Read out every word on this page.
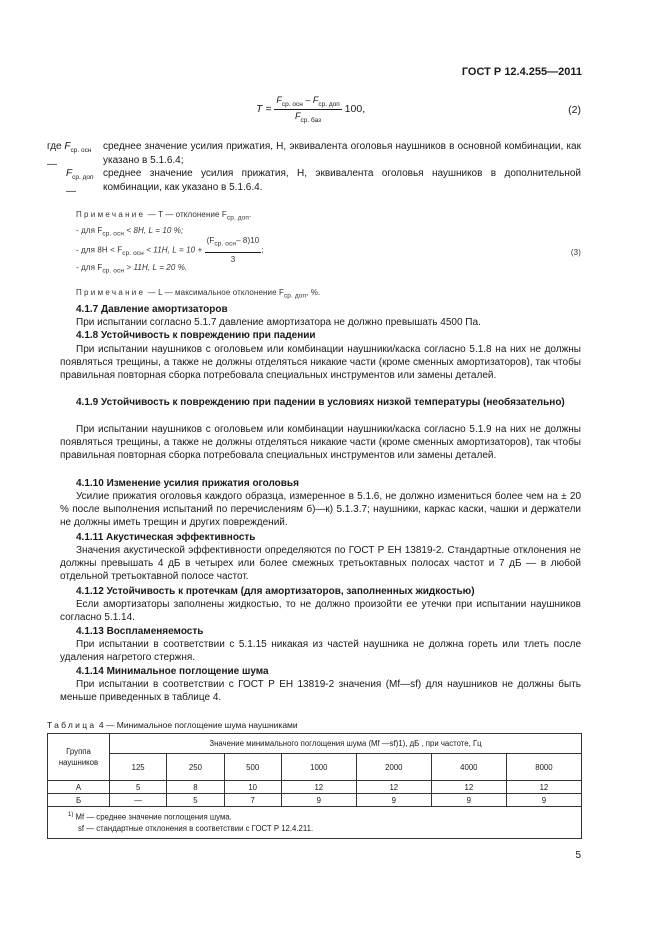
ГОСТ Р 12.4.255—2011
$T = \frac{F_{ср. осн} - F_{ср. доп}}{F_{ср. баз}} 100$,	(2)
где $F_{ср. осн}$ —
среднее значение усилия прижатия, Н, эквивалента оголовья наушников в основной комбинации, как указано в 5.1.6.4;
$F_{ср. доп}$ —
среднее значение усилия прижатия, Н, эквивалента оголовья наушников в дополнительной комбинации, как указано в 5.1.6.4.
Примечание — T — отклонение $F_{ср. доп}$.
- для $F_{ср. осн} < 8H$, L = 10 %;
- для $8H < F_{ср. осн} < 11H$, $L = 10 + \frac{(F_{ср. осн}- 8)10}{3}$ ;
- для $F_{ср. осн} > 11H$, L = 20 %.
(3)
Примечание — L — максимальное отклонение $F_{ср. доп}$, %.
4.1.7 Давление амортизаторов
При испытании согласно 5.1.7 давление амортизатора не должно превышать 4500 Па.
4.1.8 Устойчивость к повреждению при падении
При испытании наушников с оголовьем или комбинации наушники/каска согласно 5.1.8 на них не должны появляться трещины, а также не должны отделяться никакие части (кроме сменных амортизаторов), так чтобы правильная повторная сборка потребовала специальных инструментов или замены деталей.
4.1.9 Устойчивость к повреждению при падении в условиях низкой температуры (необязательно)
При испытании наушников с оголовьем или комбинации наушники/каска согласно 5.1.9 на них не должны появляться трещины, а также не должны отделяться никакие части (кроме сменных амортизаторов), так чтобы правильная повторная сборка потребовала специальных инструментов или замены деталей.
4.1.10 Изменение усилия прижатия оголовья
Усилие прижатия оголовья каждого образца, измеренное в 5.1.6, не должно измениться более чем на ± 20 % после выполнения испытаний по перечислениям б)—к) 5.1.3.7; наушники, каркас каски, чашки и держатели не должны иметь трещин и других повреждений.
4.1.11 Акустическая эффективность
Значения акустической эффективности определяются по ГОСТ Р ЕН 13819-2. Стандартные отклонения не должны превышать 4 дБ в четырех или более смежных третьоктавных полосах частот и 7 дБ — в любой отдельной третьоктавной полосе частот.
4.1.12 Устойчивость к протечкам (для амортизаторов, заполненных жидкостью)
Если амортизаторы заполнены жидкостью, то не должно произойти ее утечки при испытании наушников согласно 5.1.14.
4.1.13 Воспламеняемость
При испытании в соответствии с 5.1.15 никакая из частей наушника не должна гореть или тлеть после удаления нагретого стержня.
4.1.14 Минимальное поглощение шума
При испытании в соответствии с ГОСТ Р ЕН 13819-2 значения (Mf—sf) для наушников не должны быть меньше приведенных в таблице 4.
Таблица 4 — Минимальное поглощение шума наушниками
Группа наушников	Значение минимального поглощения шума (Mf —sf)1), дБ , при частоте, Гц						
	125	250	500	1000	2000	4000	8000
А	5	8	10	12	12	12	12
Б	—	5	7	9	9	9	9

$^{1)}$ Mf — среднее значение поглощения шума.
sf — стандартные отклонения в соответствии с ГОСТ Р 12.4.211.							
5
